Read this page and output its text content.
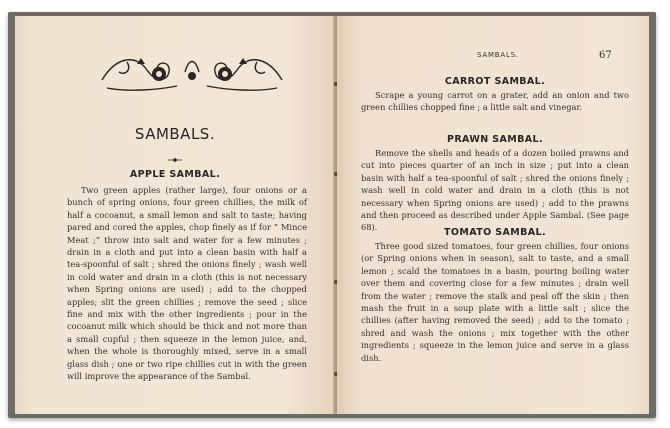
SAMBALS.
APPLE SAMBAL.
Two green apples (rather large), four onions or a bunch of spring onions, four green chillies, the milk of half a cocoanut, a small lemon and salt to taste; having pared and cored the apples, chop finely as if for “ Mince Meat ;” throw into salt and water for a few minutes ; drain in a cloth and put into a clean basin with half a tea-spoonful of salt ; shred the onions finely ; wash well in cold water and drain in a cloth (this is not necessary when Spring onions are used) ; add to the chopped apples; slit the green chillies ; remove the seed ; slice fine and mix with the other ingredients ; pour in the cocoanut milk which should be thick and not more than a small cupful ; then squeeze in the lemon juice, and, when the whole is thoroughly mixed, serve in a small glass dish ; one or two ripe chillies cut in with the green will improve the appearance of the Sambal.
SAMBALS.	67
CARROT SAMBAL.
Scrape a young carrot on a grater, add an onion and two green chillies chopped fine ; a little salt and vinegar.
PRAWN SAMBAL.
Remove the shells and heads of a dozen boiled prawns and cut into pieces quarter of an inch in size ; put into a clean basin with half a tea-spoonful of salt ; shred the onions finely ; wash well in cold water and drain in a cloth (this is not necessary when Spring onions are used) ; add to the prawns and then proceed as described under Apple Sambal. (See page 68).	TOMATO SAMBAL.
Three good sized tomatoes, four green chillies, four onions (or Spring onions when in season), salt to taste, and a small lemon ; scald the tomatoes in a basin, pouring boiling water over them and covering close for a few minutes ; drain well from the water ; remove the stalk and peal off the skin ; then mash the fruit in a soup plate with a little salt ; slice the chillies (after having removed the seed) ; add to the tomato ; shred and wash the onions ; mix together with the other ingredients ; squeeze in the lemon juice and serve in a glass dish.
